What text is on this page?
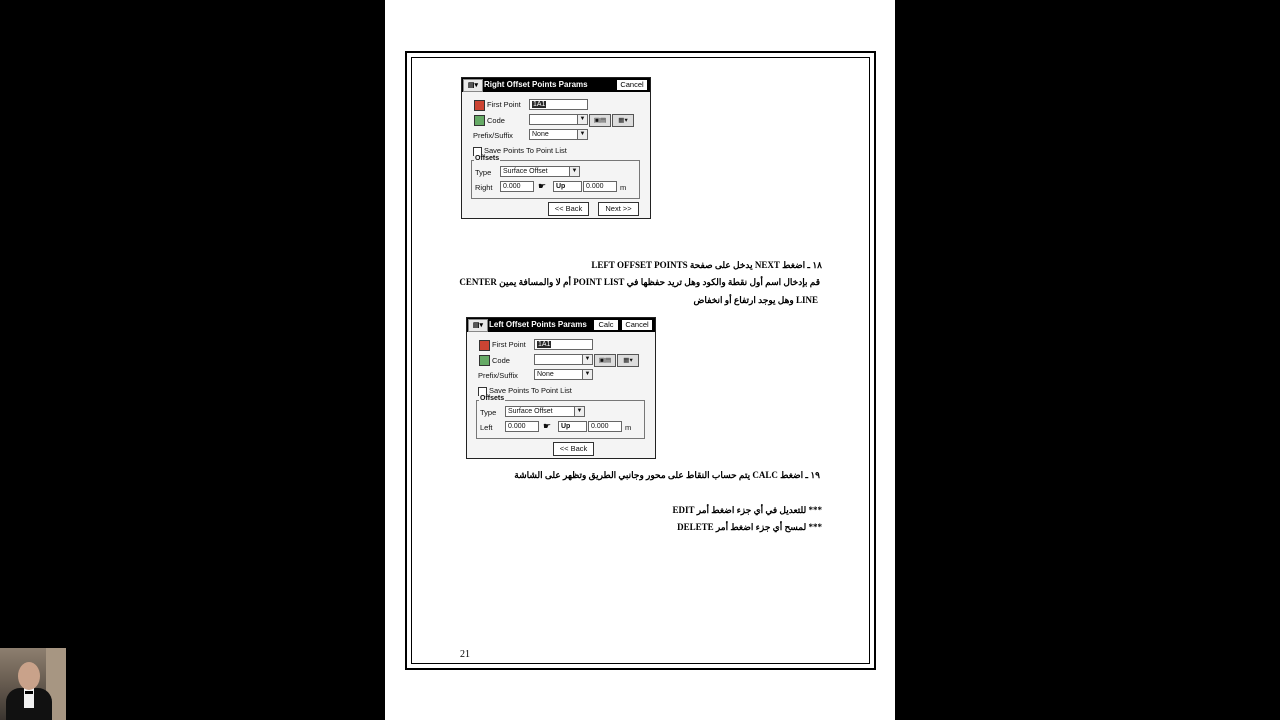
▤▾ Right Offset Points Params	Cancel
First Point	1A1
Code	▼	▣▤	▦▾
Prefix/Suffix	None	▼
Save Points To Point List
Offsets
Type	Surface Offset	▼
Right	0.000	☛	Up	0.000	m
<< Back	Next >>
١٨ ـ اضغط NEXT يدخل على صفحة LEFT OFFSET POINTS
قم بإدخال اسم أول نقطة والكود وهل تريد حفظها في POINT LIST أم لا والمسافة يمين CENTER
LINE وهل يوجد ارتفاع أو انخفاض
▤▾ Left Offset Points Params	Calc	Cancel
First Point	1A1
Code	▼	▣▤	▦▾
Prefix/Suffix	None	▼
Save Points To Point List
Offsets
Type	Surface Offset	▼
Left	0.000	☛	Up	0.000	m
<< Back
١٩ ـ اضغط CALC يتم حساب النقاط على محور وجانبي الطريق وتظهر على الشاشة
*** للتعديل في أي جزء اضغط أمر EDIT
*** لمسح أي جزء اضغط أمر DELETE
21
